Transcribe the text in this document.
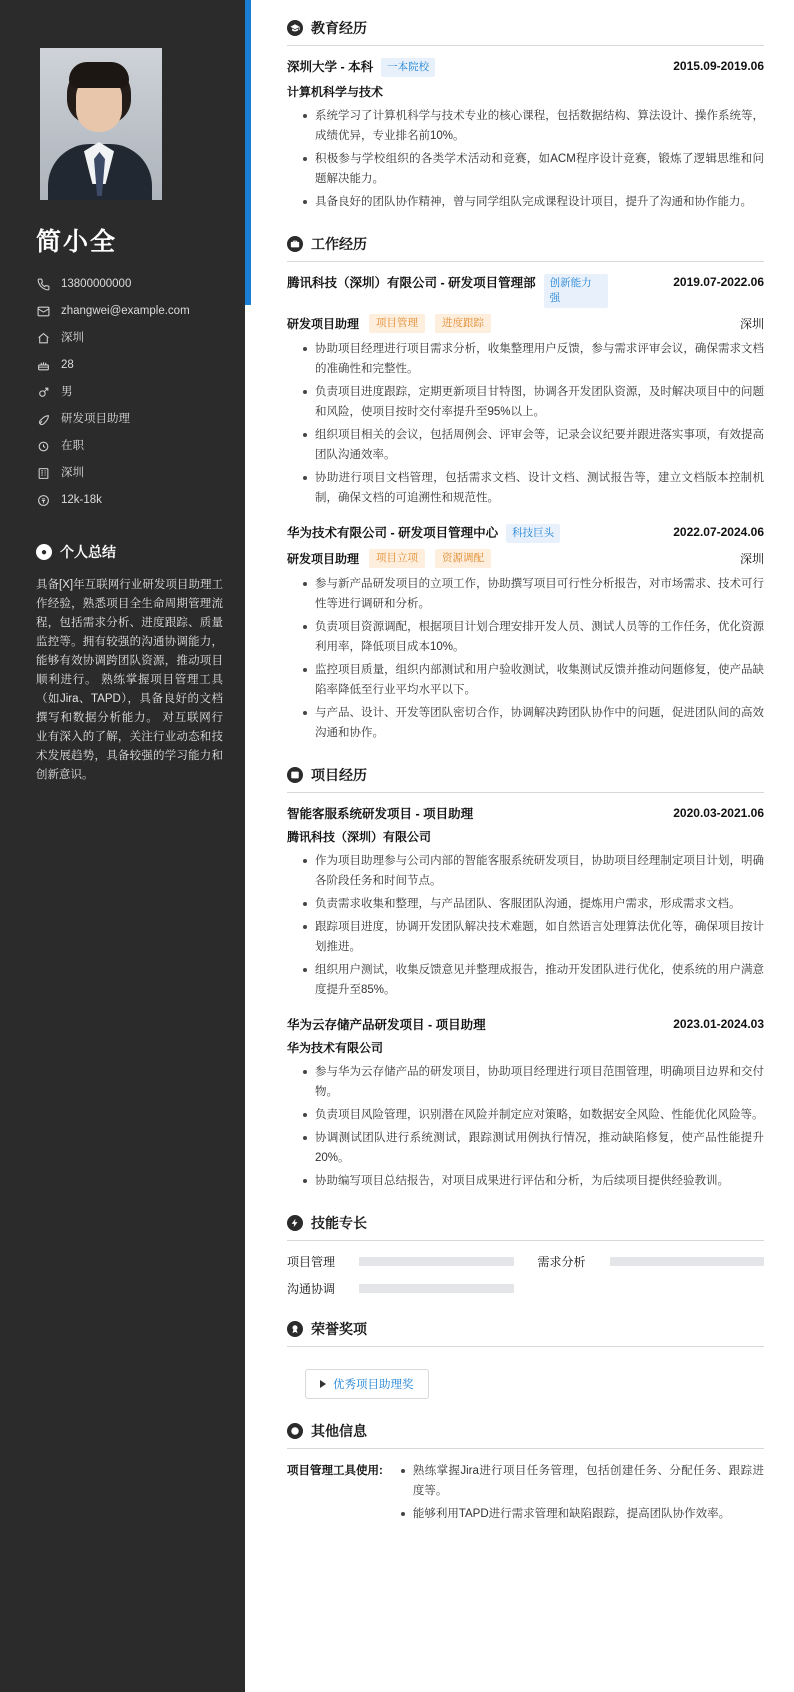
简小全
13800000000
zhangwei@example.com
深圳
28
男
研发项目助理
在职
深圳
12k-18k
● 个人总结

具备[X]年互联网行业研发项目助理工作经验，熟悉项目全生命周期管理流程，包括需求分析、进度跟踪、质量监控等。拥有较强的沟通协调能力，能够有效协调跨团队资源，推动项目顺利进行。 熟练掌握项目管理工具（如Jira、TAPD），具备良好的文档撰写和数据分析能力。 对互联网行业有深入的了解，关注行业动态和技术发展趋势，具备较强的学习能力和创新意识。

教育经历
深圳大学 - 本科	一本院校	2015.09-2019.06
计算机科学与技术
系统学习了计算机科学与技术专业的核心课程，包括数据结构、算法设计、操作系统等，成绩优异，专业排名前10%。
积极参与学校组织的各类学术活动和竞赛，如ACM程序设计竞赛，锻炼了逻辑思维和问题解决能力。
具备良好的团队协作精神，曾与同学组队完成课程设计项目，提升了沟通和协作能力。
工作经历
腾讯科技（深圳）有限公司 - 研发项目管理部	创新能力强
2019.07-2022.06
研发项目助理	项目管理	进度跟踪	深圳
协助项目经理进行项目需求分析，收集整理用户反馈，参与需求评审会议，确保需求文档的准确性和完整性。
负责项目进度跟踪，定期更新项目甘特图，协调各开发团队资源，及时解决项目中的问题和风险，使项目按时交付率提升至95%以上。
组织项目相关的会议，包括周例会、评审会等，记录会议纪要并跟进落实事项，有效提高团队沟通效率。
协助进行项目文档管理，包括需求文档、设计文档、测试报告等，建立文档版本控制机制，确保文档的可追溯性和规范性。
华为技术有限公司 - 研发项目管理中心	科技巨头	2022.07-2024.06
研发项目助理	项目立项	资源调配	深圳
参与新产品研发项目的立项工作，协助撰写项目可行性分析报告，对市场需求、技术可行性等进行调研和分析。
负责项目资源调配，根据项目计划合理安排开发人员、测试人员等的工作任务，优化资源利用率，降低项目成本10%。
监控项目质量，组织内部测试和用户验收测试，收集测试反馈并推动问题修复，使产品缺陷率降低至行业平均水平以下。
与产品、设计、开发等团队密切合作，协调解决跨团队协作中的问题，促进团队间的高效沟通和协作。
项目经历
智能客服系统研发项目 - 项目助理	2020.03-2021.06
腾讯科技（深圳）有限公司
作为项目助理参与公司内部的智能客服系统研发项目，协助项目经理制定项目计划，明确各阶段任务和时间节点。
负责需求收集和整理，与产品团队、客服团队沟通，提炼用户需求，形成需求文档。
跟踪项目进度，协调开发团队解决技术难题，如自然语言处理算法优化等，确保项目按计划推进。
组织用户测试，收集反馈意见并整理成报告，推动开发团队进行优化，使系统的用户满意度提升至85%。
华为云存储产品研发项目 - 项目助理	2023.01-2024.03
华为技术有限公司
参与华为云存储产品的研发项目，协助项目经理进行项目范围管理，明确项目边界和交付物。
负责项目风险管理，识别潜在风险并制定应对策略，如数据安全风险、性能优化风险等。
协调测试团队进行系统测试，跟踪测试用例执行情况，推动缺陷修复，使产品性能提升20%。
协助编写项目总结报告，对项目成果进行评估和分析，为后续项目提供经验教训。
技能专长
项目管理	需求分析
沟通协调
荣誉奖项
优秀项目助理奖
其他信息
项目管理工具使用:	熟练掌握Jira进行项目任务管理，包括创建任务、分配任务、跟踪进度等。
能够利用TAPD进行需求管理和缺陷跟踪，提高团队协作效率。
